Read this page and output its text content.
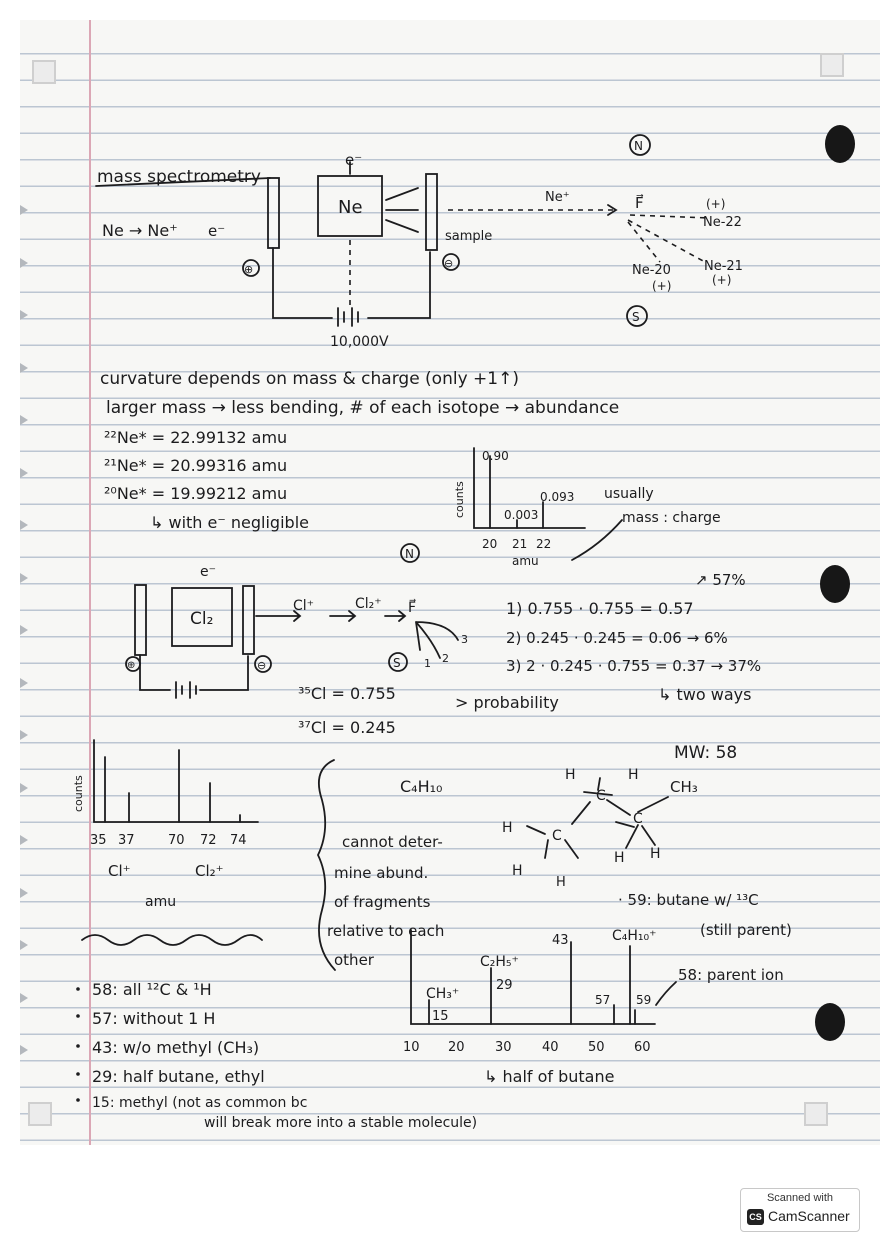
mass spectrometry
Ne → Ne⁺ e⁻
e⁻
Ne
sample
Ne⁺	F⃗	(+)
Ne-22
Ne-20
(+)
Ne-21
(+)
10,000V
N
S
⊕	⊖
curvature depends on mass & charge (only +1↑)
larger mass → less bending, # of each isotope → abundance
²²Ne* = 22.99132 amu
²¹Ne* = 20.99316 amu
²⁰Ne* = 19.99212 amu
↳ with e⁻ negligible
counts
0.90
0.093
0.003
usually
mass : charge
20 21 22
amu
N
e⁻
Cl₂
⊕	⊖
Cl⁺	Cl₂⁺ F⃗
1 2
3
S
↗ 57%
1) 0.755 · 0.755 = 0.57
2) 0.245 · 0.245 = 0.06 → 6%
3) 2 · 0.245 · 0.755 = 0.37 → 37%
³⁵Cl = 0.755
³⁷Cl = 0.245
> probability	↳ two ways
counts
35 37	70 72 74
Cl⁺	Cl₂⁺
amu
MW: 58
C₄H₁₀
H	H
C	CH₃
H	C
C
H H
H
H
cannot deter-
mine abund.
of fragments
relative to each
other
· 59: butane w/ ¹³C
(still parent)
C₄H₁₀⁺
43
C₂H₅⁺
29
CH₃⁺
15
57 59
58: parent ion
10 20 30 40 50 60
↳ half of butane
58: all ¹²C & ¹H
57: without 1 H
43: w/o methyl (CH₃)
29: half butane, ethyl
15: methyl (not as common bc
will break more into a stable molecule)
Scanned with
CS CamScanner
